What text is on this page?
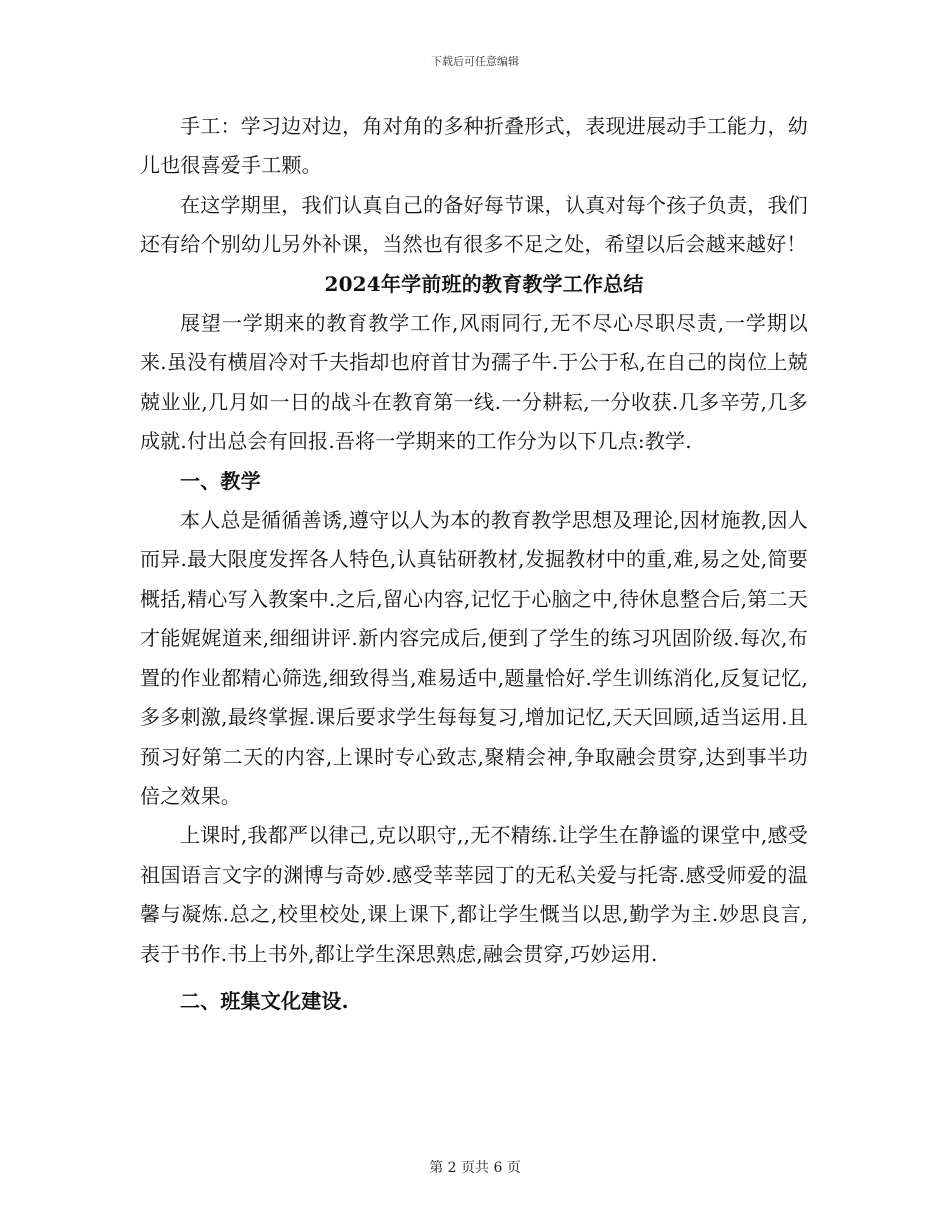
下载后可任意编辑

手工：学习边对边，角对角的多种折叠形式，表现进展动手工能力，幼儿也很喜爱手工颗。

在这学期里，我们认真自己的备好每节课，认真对每个孩子负责，我们还有给个别幼儿另外补课，当然也有很多不足之处，希望以后会越来越好！

2024年学前班的教育教学工作总结

展望一学期来的教育教学工作,风雨同行,无不尽心尽职尽责,一学期以来.虽没有横眉冷对千夫指却也府首甘为孺子牛.于公于私,在自己的岗位上兢兢业业,几月如一日的战斗在教育第一线.一分耕耘,一分收获.几多辛劳,几多成就.付出总会有回报.吾将一学期来的工作分为以下几点:教学.

一、教学

本人总是循循善诱,遵守以人为本的教育教学思想及理论,因材施教,因人而异.最大限度发挥各人特色,认真钻研教材,发掘教材中的重,难,易之处,简要概括,精心写入教案中.之后,留心内容,记忆于心脑之中,待休息整合后,第二天才能娓娓道来,细细讲评.新内容完成后,便到了学生的练习巩固阶级.每次,布置的作业都精心筛选,细致得当,难易适中,题量恰好.学生训练消化,反复记忆,多多刺激,最终掌握.课后要求学生每每复习,增加记忆,天天回顾,适当运用.且预习好第二天的内容,上课时专心致志,聚精会神,争取融会贯穿,达到事半功倍之效果。

上课时,我都严以律己,克以职守,,无不精练.让学生在静谧的课堂中,感受祖国语言文字的渊博与奇妙.感受莘莘园丁的无私关爱与托寄.感受师爱的温馨与凝炼.总之,校里校处,课上课下,都让学生慨当以思,勤学为主.妙思良言,表于书作.书上书外,都让学生深思熟虑,融会贯穿,巧妙运用.

二、班集文化建设.

第 2 页共 6 页
